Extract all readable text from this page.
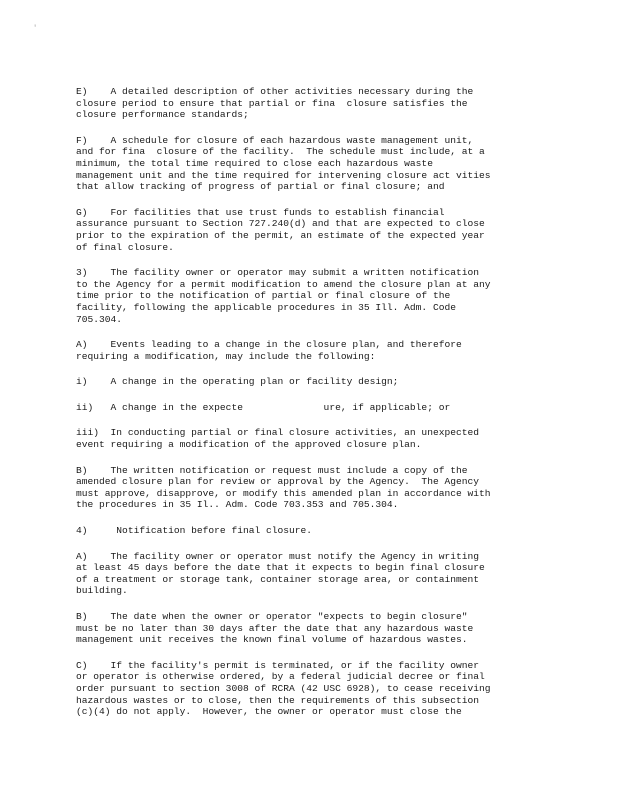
'
E)    A detailed description of other activities necessary during the
closure period to ensure that partial or fina  closure satisfies the
closure performance standards;
F)    A schedule for closure of each hazardous waste management unit,
and for fina  closure of the facility.  The schedule must include, at a
minimum, the total time required to close each hazardous waste
management unit and the time required for intervening closure act vities
that allow tracking of progress of partial or final closure; and
G)    For facilities that use trust funds to establish financial
assurance pursuant to Section 727.240(d) and that are expected to close
prior to the expiration of the permit, an estimate of the expected year
of final closure.
3)    The facility owner or operator may submit a written notification
to the Agency for a permit modification to amend the closure plan at any
time prior to the notification of partial or final closure of the
facility, following the applicable procedures in 35 Ill. Adm. Code
705.304.
A)    Events leading to a change in the closure plan, and therefore
requiring a modification, may include the following:
i)    A change in the operating plan or facility design;
ii)   A change in the expecte              ure, if applicable; or
iii)  In conducting partial or final closure activities, an unexpected
event requiring a modification of the approved closure plan.
B)    The written notification or request must include a copy of the
amended closure plan for review or approval by the Agency.  The Agency
must approve, disapprove, or modify this amended plan in accordance with
the procedures in 35 Il.. Adm. Code 703.353 and 705.304.
4)     Notification before final closure.
A)    The facility owner or operator must notify the Agency in writing
at least 45 days before the date that it expects to begin final closure
of a treatment or storage tank, container storage area, or containment
building.
B)    The date when the owner or operator "expects to begin closure"
must be no later than 30 days after the date that any hazardous waste
management unit receives the known final volume of hazardous wastes.
C)    If the facility's permit is terminated, or if the facility owner
or operator is otherwise ordered, by a federal judicial decree or final
order pursuant to section 3008 of RCRA (42 USC 6928), to cease receiving
hazardous wastes or to close, then the requirements of this subsection
(c)(4) do not apply.  However, the owner or operator must close the
